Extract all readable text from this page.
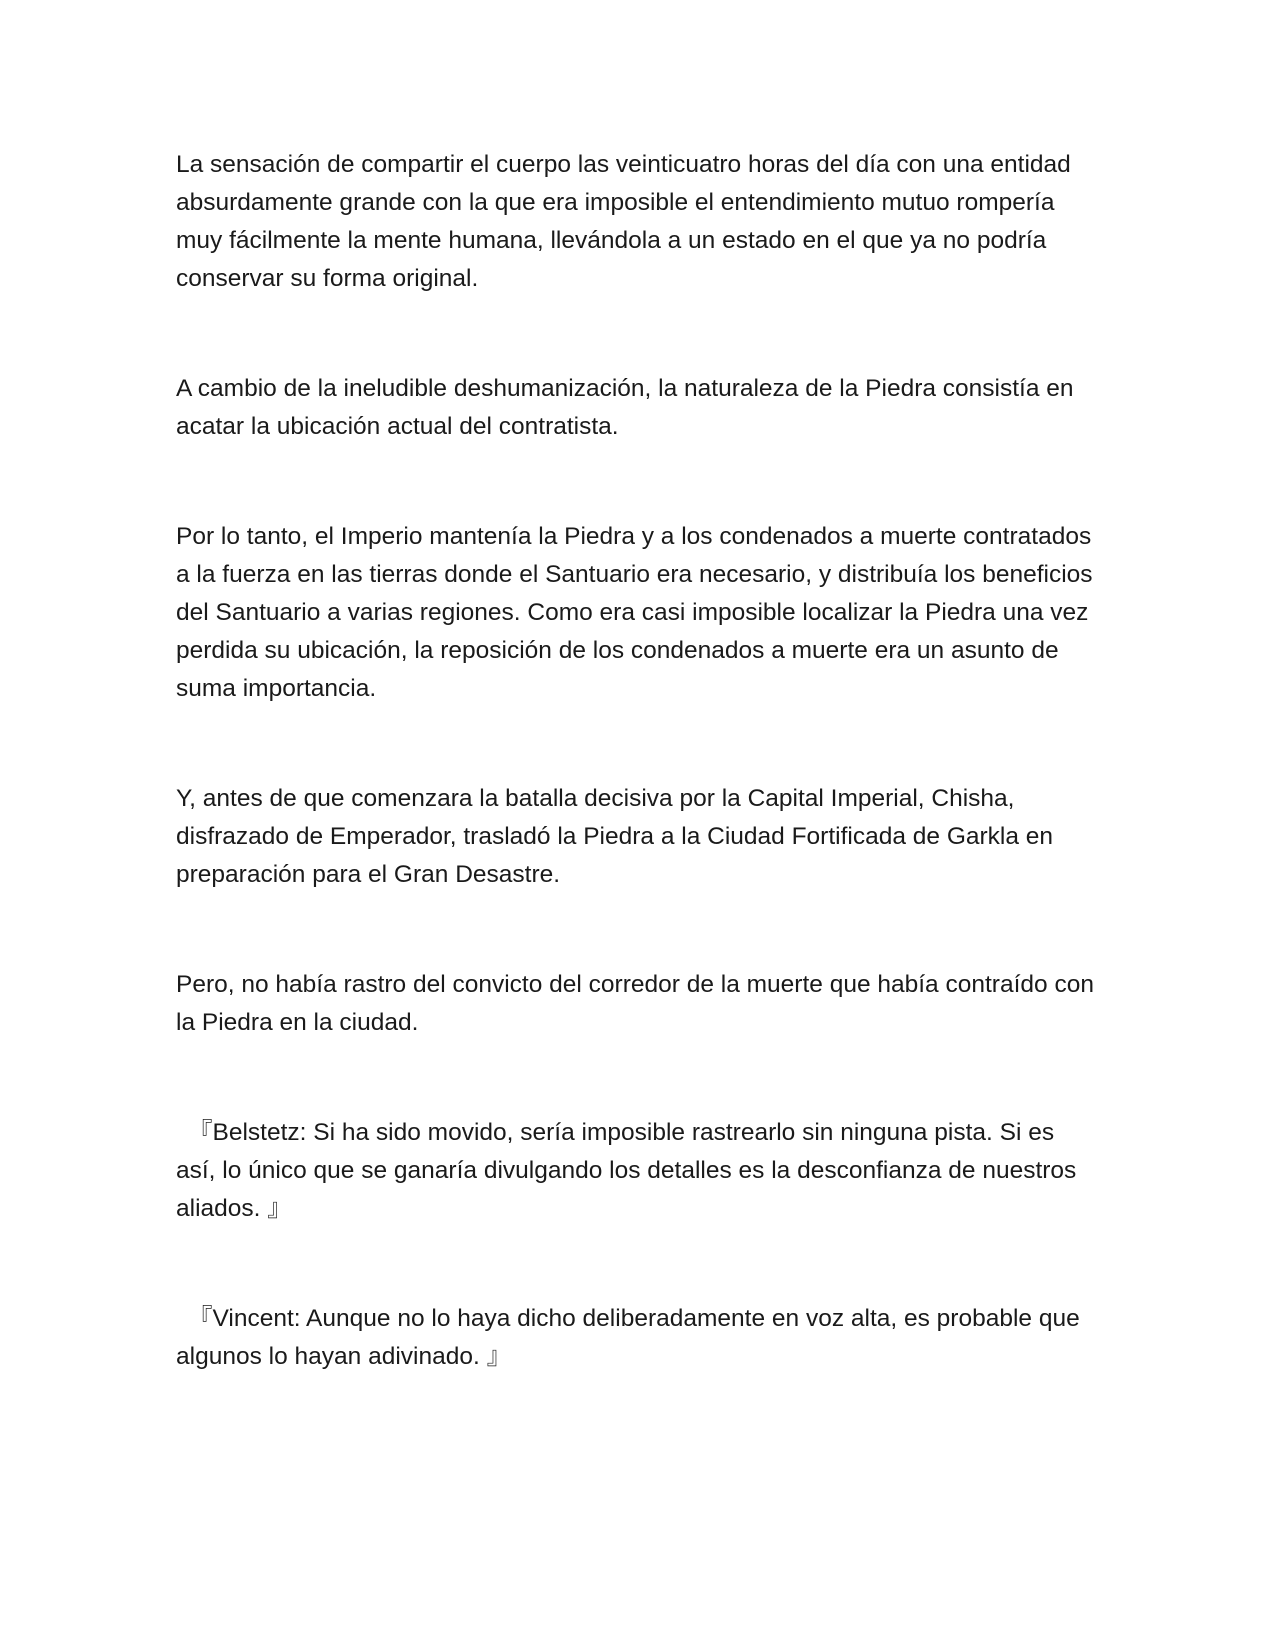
La sensación de compartir el cuerpo las veinticuatro horas del día con una entidad absurdamente grande con la que era imposible el entendimiento mutuo rompería muy fácilmente la mente humana, llevándola a un estado en el que ya no podría conservar su forma original.

A cambio de la ineludible deshumanización, la naturaleza de la Piedra consistía en acatar la ubicación actual del contratista.

Por lo tanto, el Imperio mantenía la Piedra y a los condenados a muerte contratados a la fuerza en las tierras donde el Santuario era necesario, y distribuía los beneficios del Santuario a varias regiones. Como era casi imposible localizar la Piedra una vez perdida su ubicación, la reposición de los condenados a muerte era un asunto de suma importancia.

Y, antes de que comenzara la batalla decisiva por la Capital Imperial, Chisha, disfrazado de Emperador, trasladó la Piedra a la Ciudad Fortificada de Garkla en preparación para el Gran Desastre.

Pero, no había rastro del convicto del corredor de la muerte que había contraído con la Piedra en la ciudad.

『Belstetz: Si ha sido movido, sería imposible rastrearlo sin ninguna pista. Si es así, lo único que se ganaría divulgando los detalles es la desconfianza de nuestros aliados. 』

『Vincent: Aunque no lo haya dicho deliberadamente en voz alta, es probable que algunos lo hayan adivinado. 』
